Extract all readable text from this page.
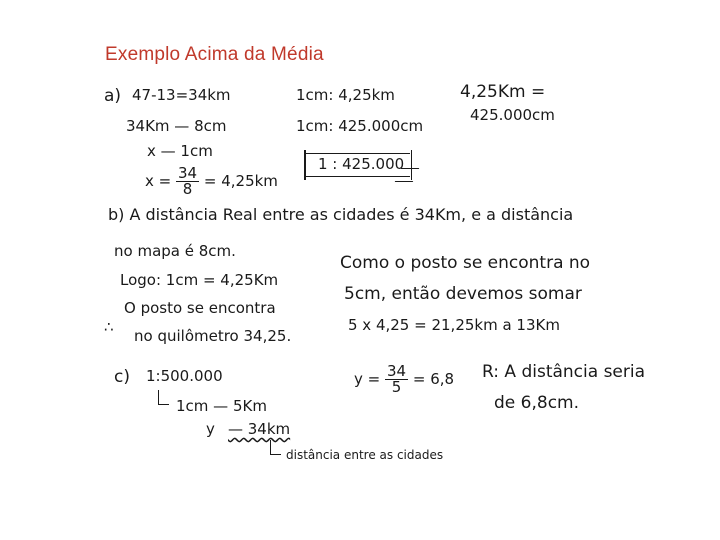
Exemplo Acima da Média
a) 47-13=34km
34Km — 8cm
x — 1cm
$x = \frac{34}{8} = 4,25km$
1cm: 4,25km
1cm: 425.000cm
1 : 425.000
4,25Km =
425.000cm
b) A distância Real entre as cidades é 34Km, e a distância
no mapa é 8cm.
Logo: 1cm = 4,25Km
O posto se encontra
∴ no quilômetro 34,25.
Como o posto se encontra no
5cm, então devemos somar
5 x 4,25 = 21,25km a 13Km
c) 1:500.000
1cm — 5Km
y — 34km
distância entre as cidades
$y = \frac{34}{5} = 6,8$ R: A distância seria
de 6,8cm.
